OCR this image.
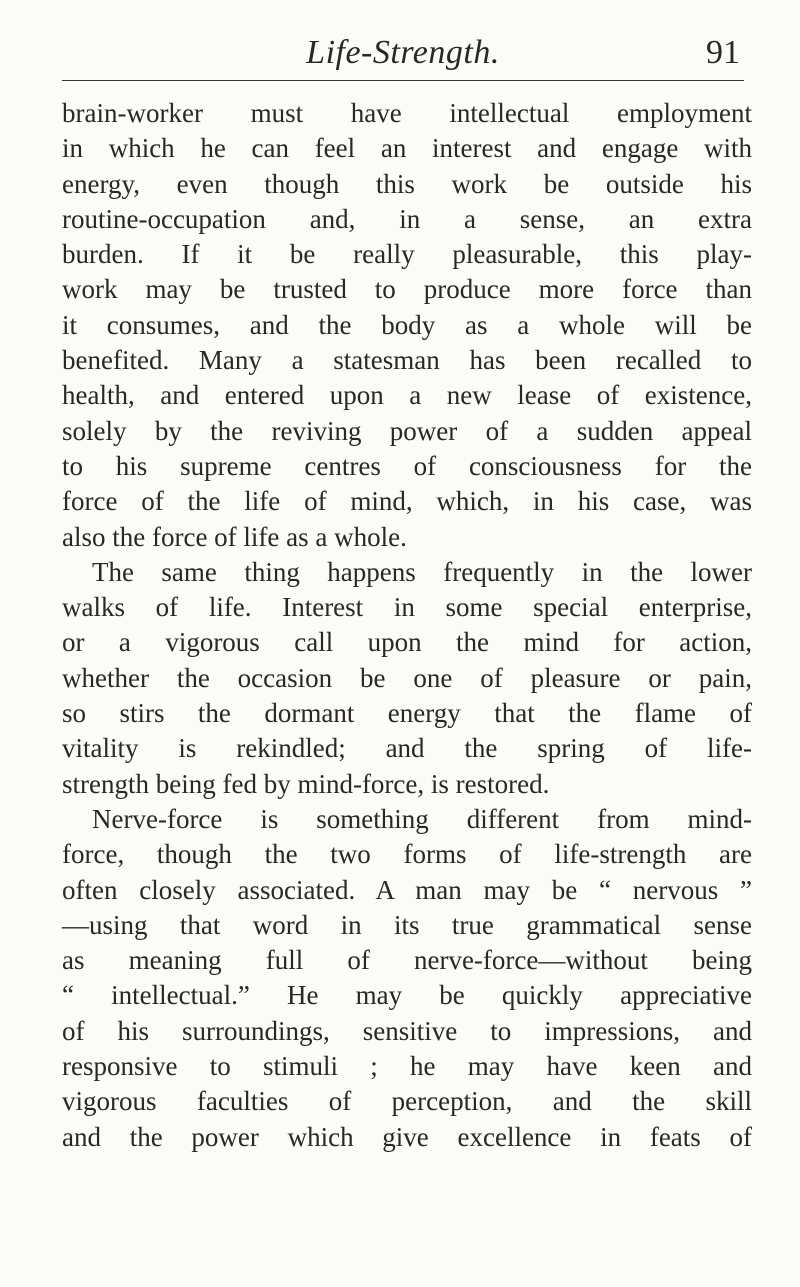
Life-Strength.	91
brain-worker must have intellectual employment
in which he can feel an interest and engage with
energy, even though this work be outside his
routine-occupation and, in a sense, an extra
burden. If it be really pleasurable, this play-
work may be trusted to produce more force than
it consumes, and the body as a whole will be
benefited. Many a statesman has been recalled to
health, and entered upon a new lease of existence,
solely by the reviving power of a sudden appeal
to his supreme centres of consciousness for the
force of the life of mind, which, in his case, was
also the force of life as a whole.
The same thing happens frequently in the lower
walks of life. Interest in some special enterprise,
or a vigorous call upon the mind for action,
whether the occasion be one of pleasure or pain,
so stirs the dormant energy that the flame of
vitality is rekindled; and the spring of life-
strength being fed by mind-force, is restored.
Nerve-force is something different from mind-
force, though the two forms of life-strength are
often closely associated. A man may be “ nervous ”
—using that word in its true grammatical sense
as meaning full of nerve-force—without being
“ intellectual.” He may be quickly appreciative
of his surroundings, sensitive to impressions, and
responsive to stimuli ; he may have keen and
vigorous faculties of perception, and the skill
and the power which give excellence in feats of
